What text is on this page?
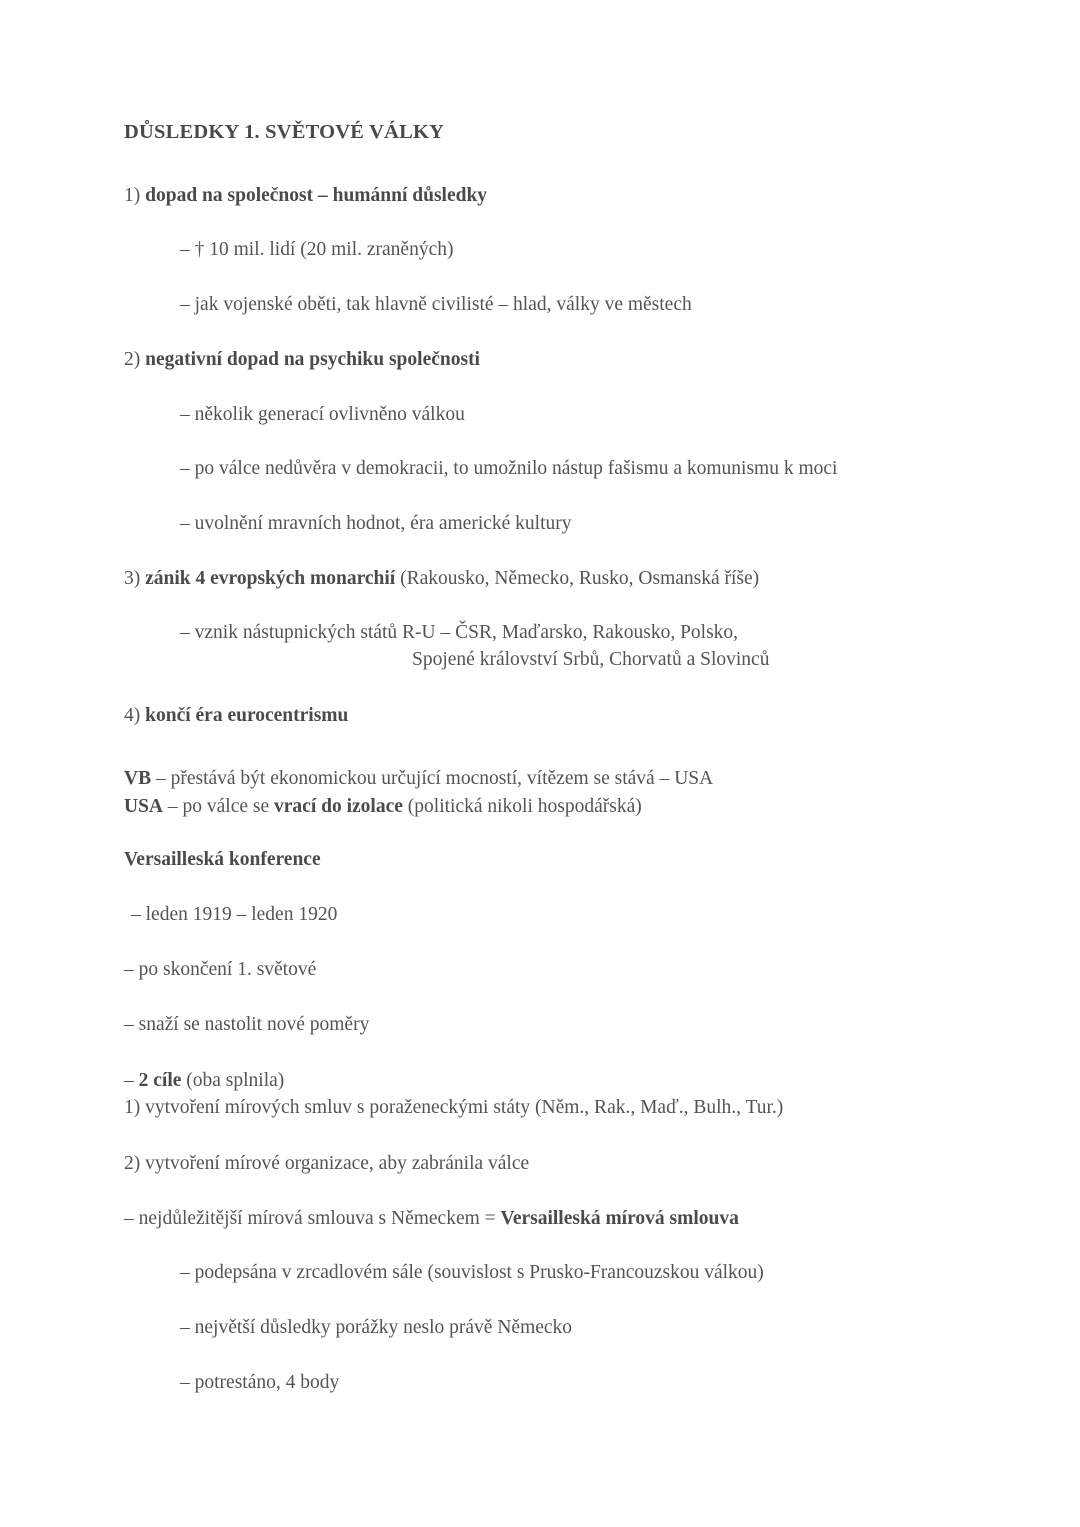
DŮSLEDKY 1. SVĚTOVÉ VÁLKY

1) dopad na společnost – humánní důsledky

– † 10 mil. lidí (20 mil. zraněných)

– jak vojenské oběti, tak hlavně civilisté – hlad, války ve městech

2) negativní dopad na psychiku společnosti

– několik generací ovlivněno válkou

– po válce nedůvěra v demokracii, to umožnilo nástup fašismu a komunismu k moci

– uvolnění mravních hodnot, éra americké kultury

3) zánik 4 evropských monarchií (Rakousko, Německo, Rusko, Osmanská říše)

– vznik nástupnických států R-U – ČSR, Maďarsko, Rakousko, Polsko,
Spojené království Srbů, Chorvatů a Slovinců

4) končí éra eurocentrismu

VB – přestává být ekonomickou určující mocností, vítězem se stává – USA
USA – po válce se vrací do izolace (politická nikoli hospodářská)

Versailleská konference

– leden 1919 – leden 1920

– po skončení 1. světové

– snaží se nastolit nové poměry

– 2 cíle (oba splnila)
1) vytvoření mírových smluv s poraženeckými státy (Něm., Rak., Maď., Bulh., Tur.)

2) vytvoření mírové organizace, aby zabránila válce

– nejdůležitější mírová smlouva s Německem = Versailleská mírová smlouva

– podepsána v zrcadlovém sále (souvislost s Prusko-Francouzskou válkou)

– největší důsledky porážky neslo právě Německo

– potrestáno, 4 body
